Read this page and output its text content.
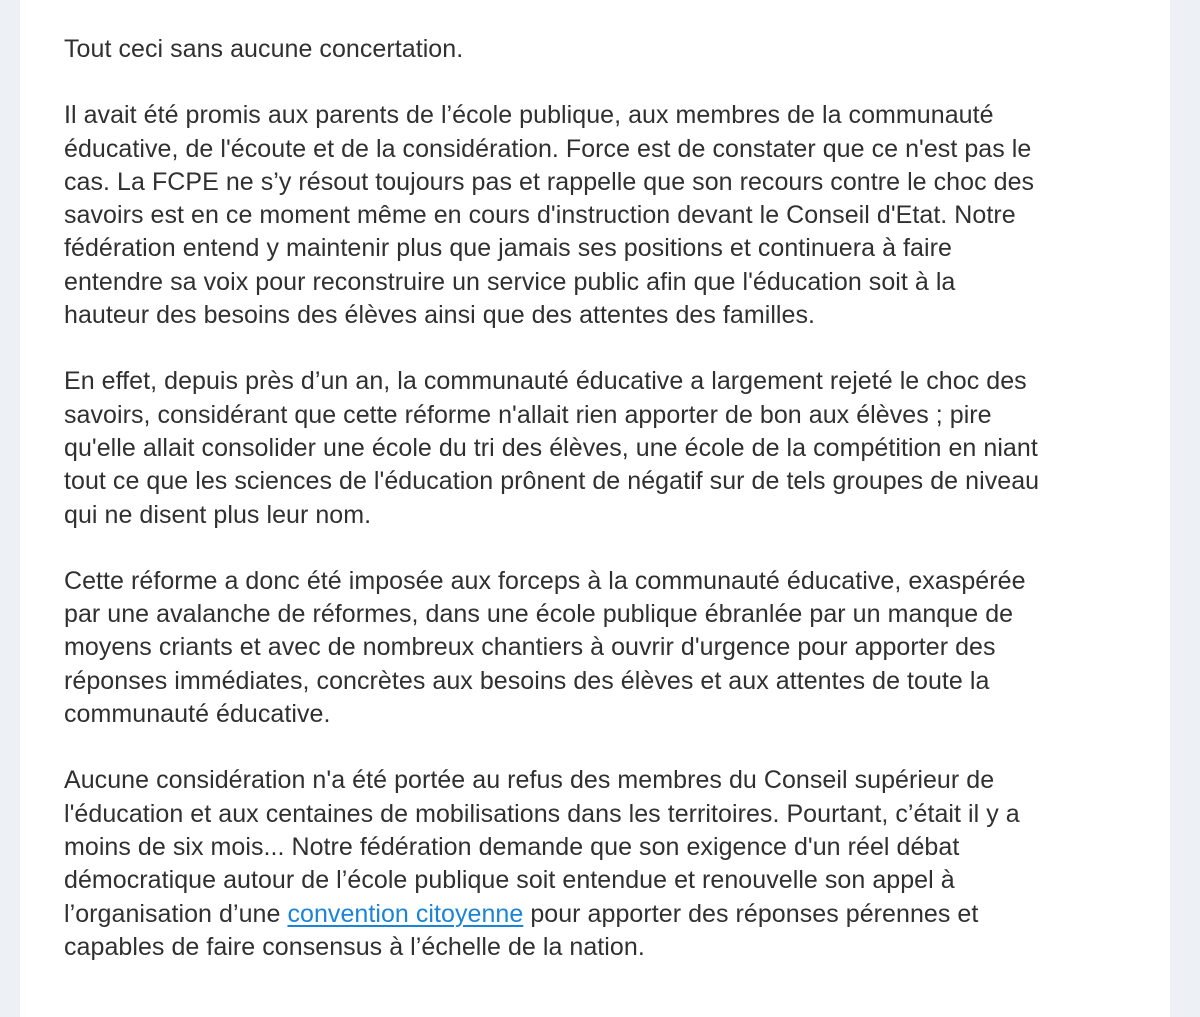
Tout ceci sans aucune concertation.

Il avait été promis aux parents de l’école publique, aux membres de la communauté
éducative, de l'écoute et de la considération. Force est de constater que ce n'est pas le
cas. La FCPE ne s’y résout toujours pas et rappelle que son recours contre le choc des
savoirs est en ce moment même en cours d'instruction devant le Conseil d'Etat. Notre
fédération entend y maintenir plus que jamais ses positions et continuera à faire
entendre sa voix pour reconstruire un service public afin que l'éducation soit à la
hauteur des besoins des élèves ainsi que des attentes des familles.

En effet, depuis près d’un an, la communauté éducative a largement rejeté le choc des
savoirs, considérant que cette réforme n'allait rien apporter de bon aux élèves ; pire
qu'elle allait consolider une école du tri des élèves, une école de la compétition en niant
tout ce que les sciences de l'éducation prônent de négatif sur de tels groupes de niveau
qui ne disent plus leur nom.

Cette réforme a donc été imposée aux forceps à la communauté éducative, exaspérée
par une avalanche de réformes, dans une école publique ébranlée par un manque de
moyens criants et avec de nombreux chantiers à ouvrir d'urgence pour apporter des
réponses immédiates, concrètes aux besoins des élèves et aux attentes de toute la
communauté éducative.

Aucune considération n'a été portée au refus des membres du Conseil supérieur de
l'éducation et aux centaines de mobilisations dans les territoires. Pourtant, c’était il y a
moins de six mois... Notre fédération demande que son exigence d'un réel débat
démocratique autour de l’école publique soit entendue et renouvelle son appel à
l’organisation d’une convention citoyenne pour apporter des réponses pérennes et
capables de faire consensus à l’échelle de la nation.
